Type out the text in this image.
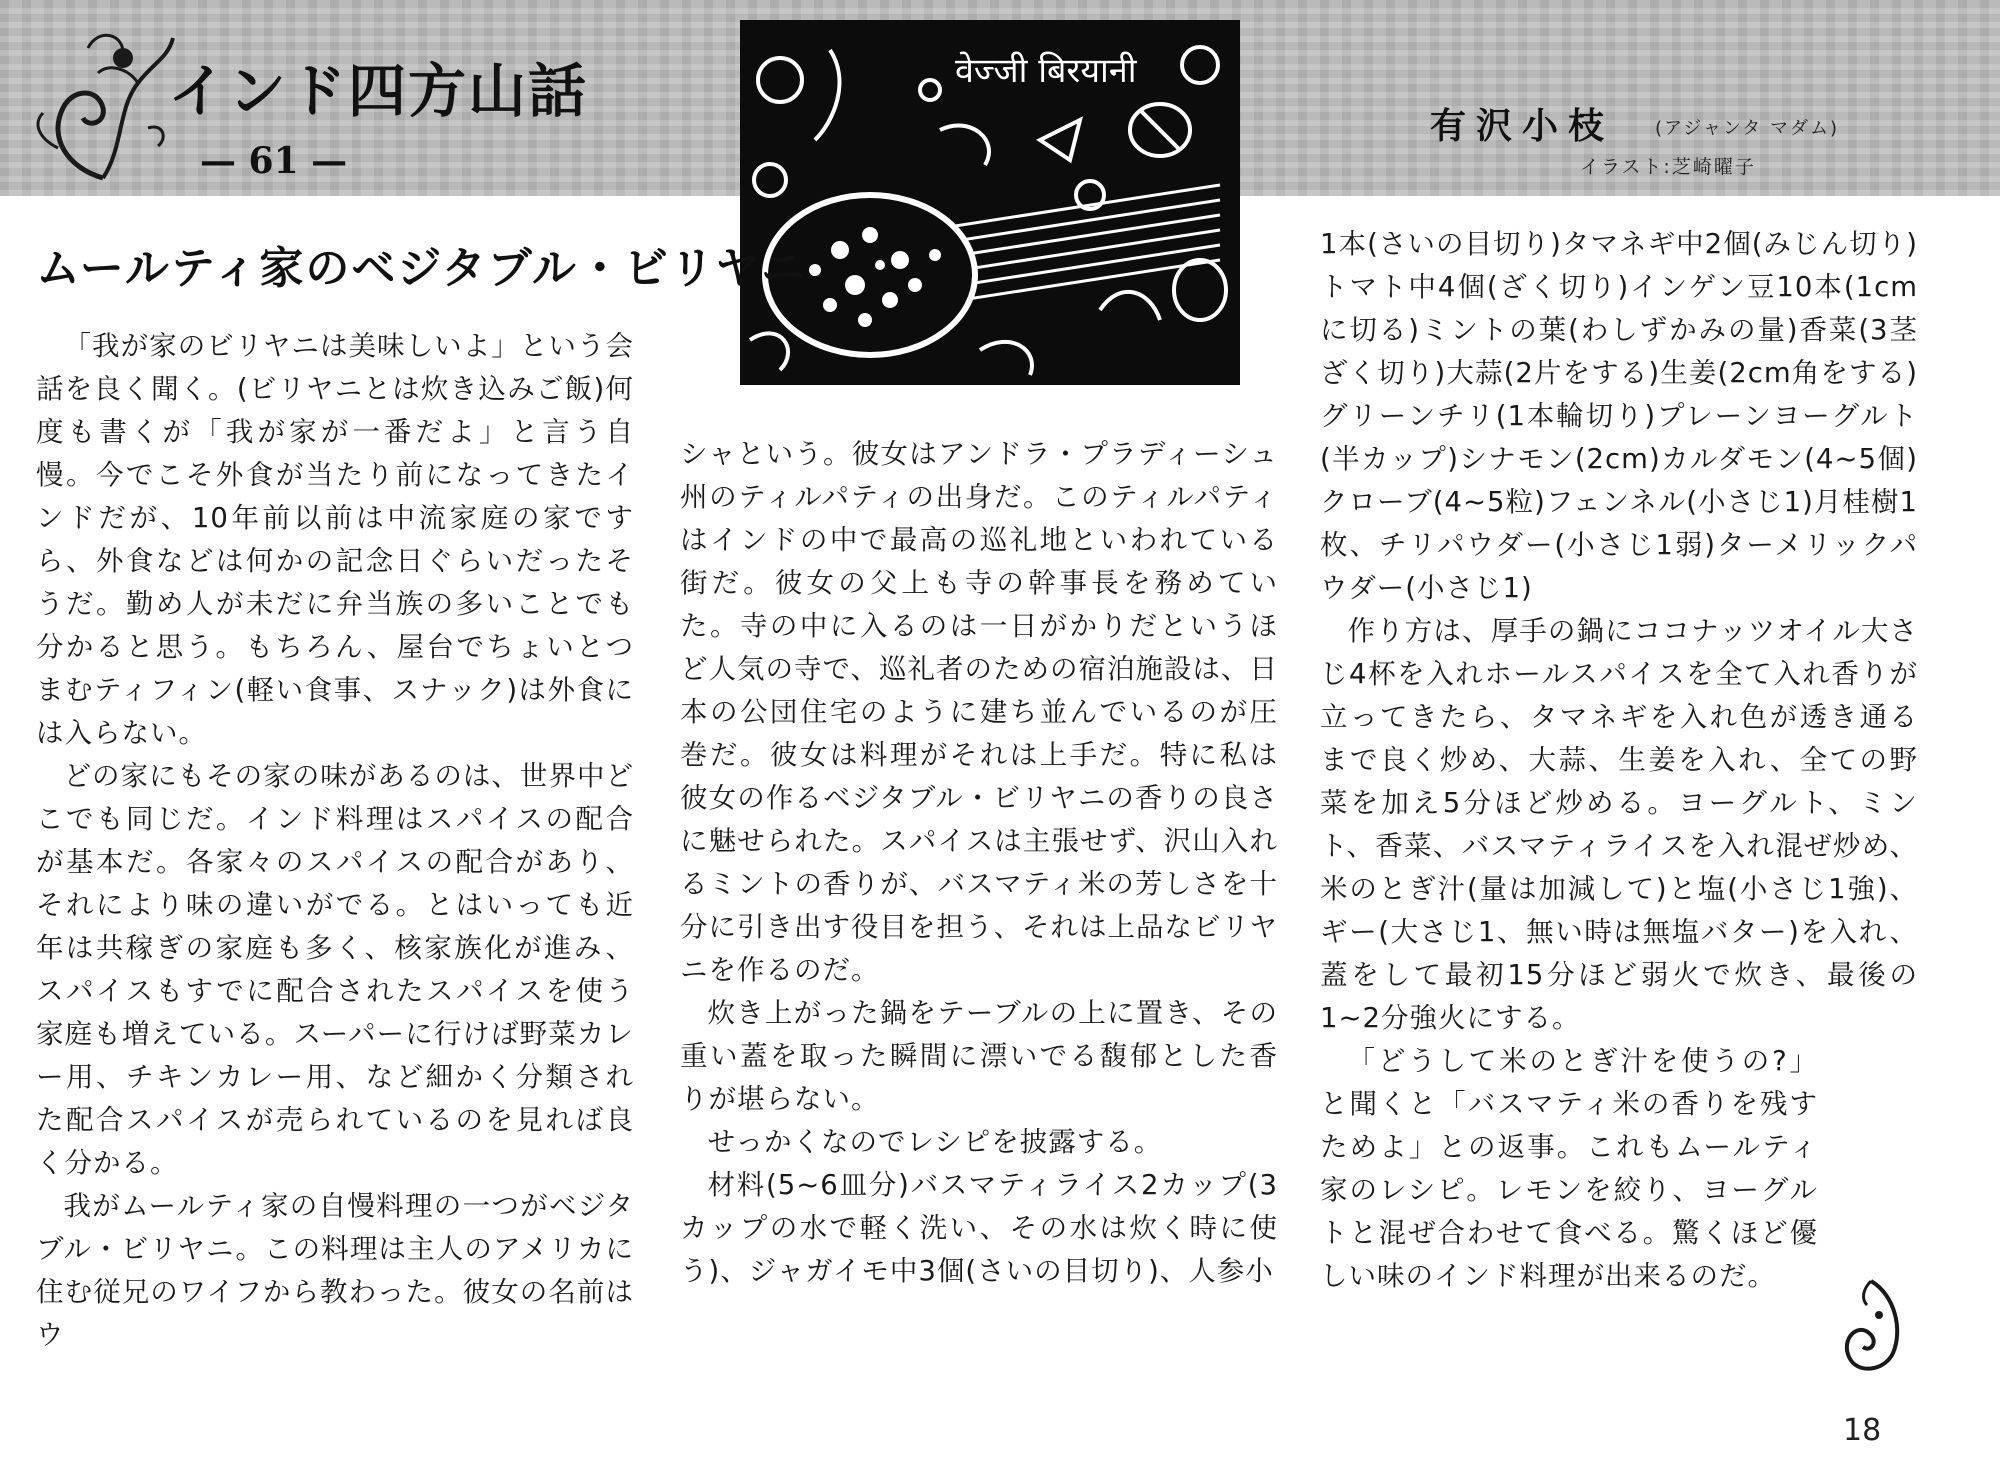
インド四方山話
— 61 —
有沢小枝 (アジャンタ マダム)
イラスト:芝崎曜子
वेज्जी बिरयानी
ムールティ家のベジタブル・ビリヤニ

「我が家のビリヤニは美味しいよ」という会話を良く聞く。(ビリヤニとは炊き込みご飯)何度も書くが「我が家が一番だよ」と言う自慢。今でこそ外食が当たり前になってきたインドだが、10年前以前は中流家庭の家ですら、外食などは何かの記念日ぐらいだったそうだ。勤め人が未だに弁当族の多いことでも分かると思う。もちろん、屋台でちょいとつまむティフィン(軽い食事、スナック)は外食には入らない。

どの家にもその家の味があるのは、世界中どこでも同じだ。インド料理はスパイスの配合が基本だ。各家々のスパイスの配合があり、それにより味の違いがでる。とはいっても近年は共稼ぎの家庭も多く、核家族化が進み、スパイスもすでに配合されたスパイスを使う家庭も増えている。スーパーに行けば野菜カレー用、チキンカレー用、など細かく分類された配合スパイスが売られているのを見れば良く分かる。

我がムールティ家の自慢料理の一つがベジタブル・ビリヤニ。この料理は主人のアメリカに住む従兄のワイフから教わった。彼女の名前はウ

シャという。彼女はアンドラ・プラディーシュ州のティルパティの出身だ。このティルパティはインドの中で最高の巡礼地といわれている街だ。彼女の父上も寺の幹事長を務めていた。寺の中に入るのは一日がかりだというほど人気の寺で、巡礼者のための宿泊施設は、日本の公団住宅のように建ち並んでいるのが圧巻だ。彼女は料理がそれは上手だ。特に私は彼女の作るベジタブル・ビリヤニの香りの良さに魅せられた。スパイスは主張せず、沢山入れるミントの香りが、バスマティ米の芳しさを十分に引き出す役目を担う、それは上品なビリヤニを作るのだ。

炊き上がった鍋をテーブルの上に置き、その重い蓋を取った瞬間に漂いでる馥郁とした香りが堪らない。

せっかくなのでレシピを披露する。

材料(5~6皿分)バスマティライス2カップ(3カップの水で軽く洗い、その水は炊く時に使う)、ジャガイモ中3個(さいの目切り)、人参小

1本(さいの目切り)タマネギ中2個(みじん切り)トマト中4個(ざく切り)インゲン豆10本(1cmに切る)ミントの葉(わしずかみの量)香菜(3茎ざく切り)大蒜(2片をする)生姜(2cm角をする)グリーンチリ(1本輪切り)プレーンヨーグルト(半カップ)シナモン(2cm)カルダモン(4~5個)クローブ(4~5粒)フェンネル(小さじ1)月桂樹1枚、チリパウダー(小さじ1弱)ターメリックパウダー(小さじ1)

作り方は、厚手の鍋にココナッツオイル大さじ4杯を入れホールスパイスを全て入れ香りが立ってきたら、タマネギを入れ色が透き通るまで良く炒め、大蒜、生姜を入れ、全ての野菜を加え5分ほど炒める。ヨーグルト、ミント、香菜、バスマティライスを入れ混ぜ炒め、米のとぎ汁(量は加減して)と塩(小さじ1強)、ギー(大さじ1、無い時は無塩バター)を入れ、蓋をして最初15分ほど弱火で炊き、最後の1~2分強火にする。

「どうして米のとぎ汁を使うの?」と聞くと「バスマティ米の香りを残すためよ」との返事。これもムールティ家のレシピ。レモンを絞り、ヨーグルトと混ぜ合わせて食べる。驚くほど優しい味のインド料理が出来るのだ。

18
